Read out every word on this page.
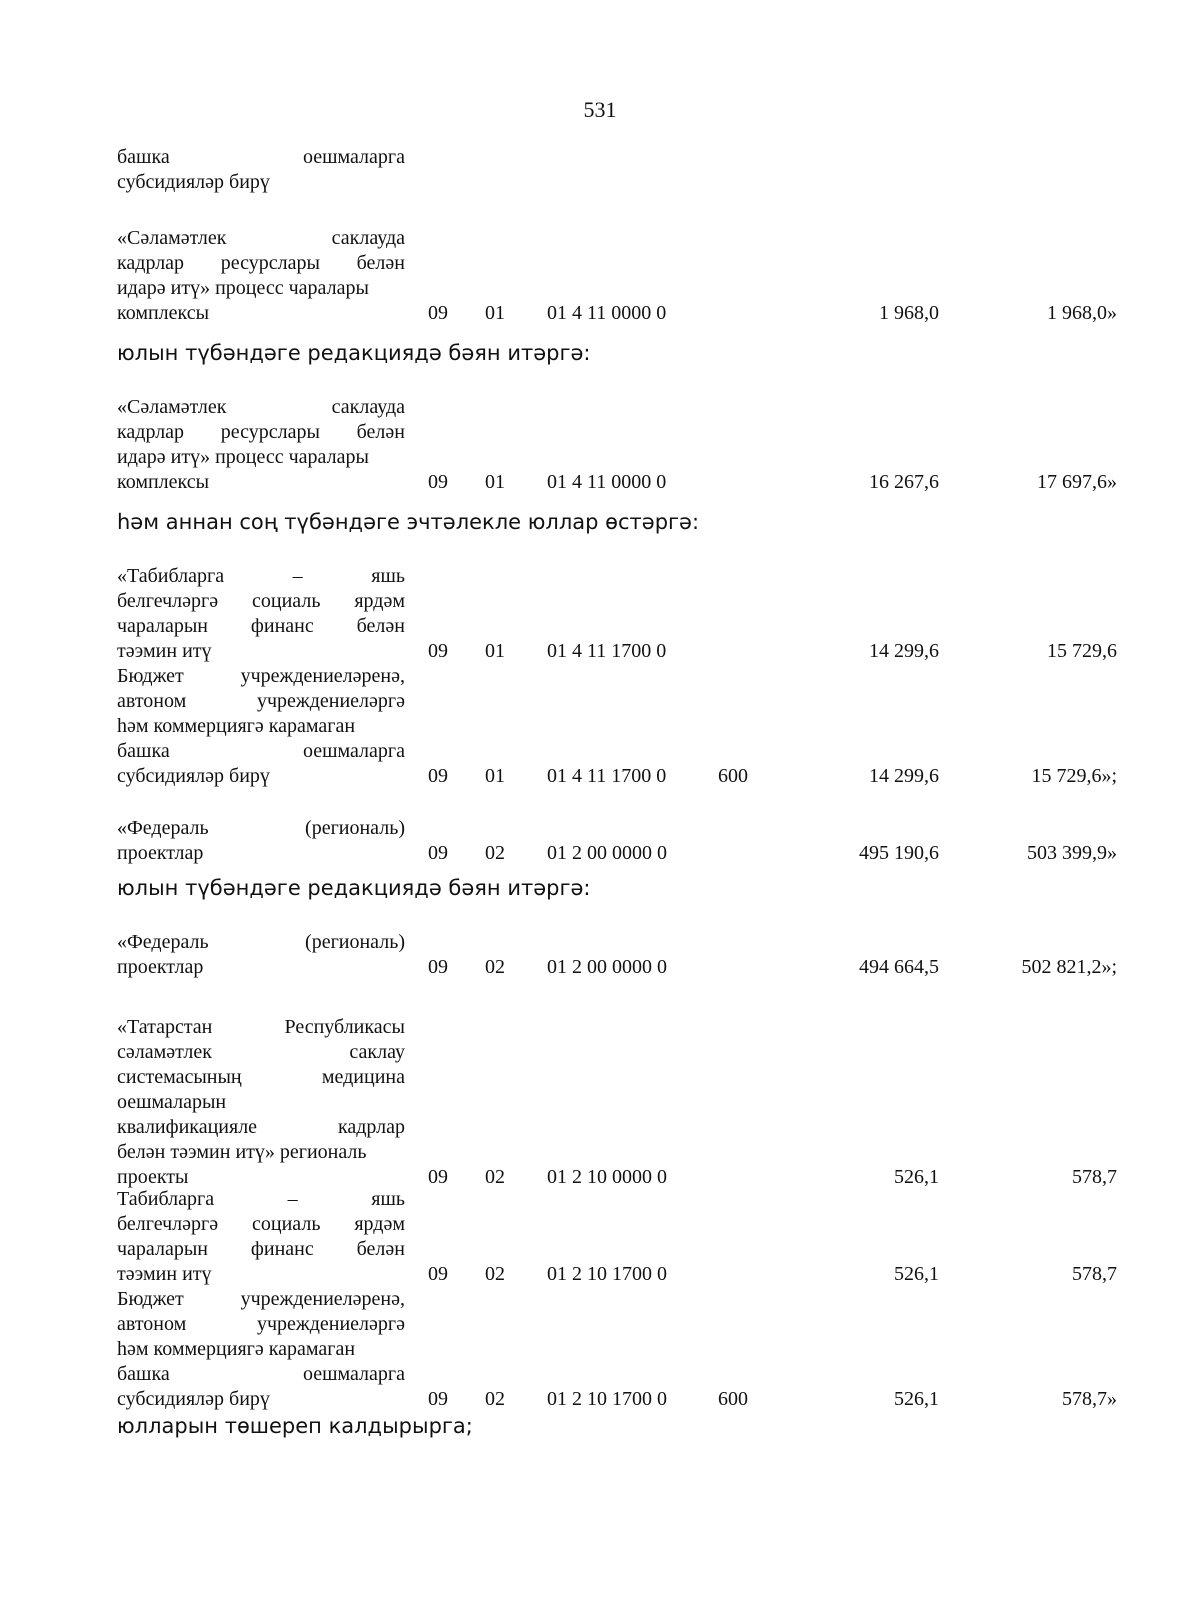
531
башка оешмаларга
субсидияләр бирү
«Сәламәтлек саклауда
кадрлар ресурслары белән
идарә итү» процесс чаралары
комплексы	09 01 01 4 11 0000 0	1 968,0	1 968,0»
«Сәламәтлек саклауда
кадрлар ресурслары белән
идарә итү» процесс чаралары
комплексы	09 01 01 4 11 0000 0	16 267,6	17 697,6»
«Табибларга – яшь
белгечләргә социаль ярдәм
чараларын финанс белән
тәэмин итү	09 01 01 4 11 1700 0	14 299,6	15 729,6
Бюджет учреждениеләренә,
автоном учреждениеләргә
һәм коммерциягә карамаган
башка оешмаларга
субсидияләр бирү	09 01 01 4 11 1700 0	600	14 299,6	15 729,6»;
«Федераль (региональ)
проектлар	09 02 01 2 00 0000 0	495 190,6	503 399,9»
«Федераль (региональ)
проектлар	09 02 01 2 00 0000 0	494 664,5	502 821,2»;
«Татарстан Республикасы
сәламәтлек саклау
системасының медицина
оешмаларын
квалификацияле кадрлар
белән тәэмин итү» региональ
проекты	09 02 01 2 10 0000 0	526,1	578,7
Табибларга – яшь
белгечләргә социаль ярдәм
чараларын финанс белән
тәэмин итү	09 02 01 2 10 1700 0	526,1	578,7
Бюджет учреждениеләренә,
автоном учреждениеләргә
һәм коммерциягә карамаган
башка оешмаларга
субсидияләр бирү	09 02 01 2 10 1700 0	600	526,1	578,7»
юлын түбәндәге редакциядә бәян итәргә:
һәм аннан соң түбәндәге эчтәлекле юллар өстәргә:
юлын түбәндәге редакциядә бәян итәргә:
юлларын төшереп калдырырга;
